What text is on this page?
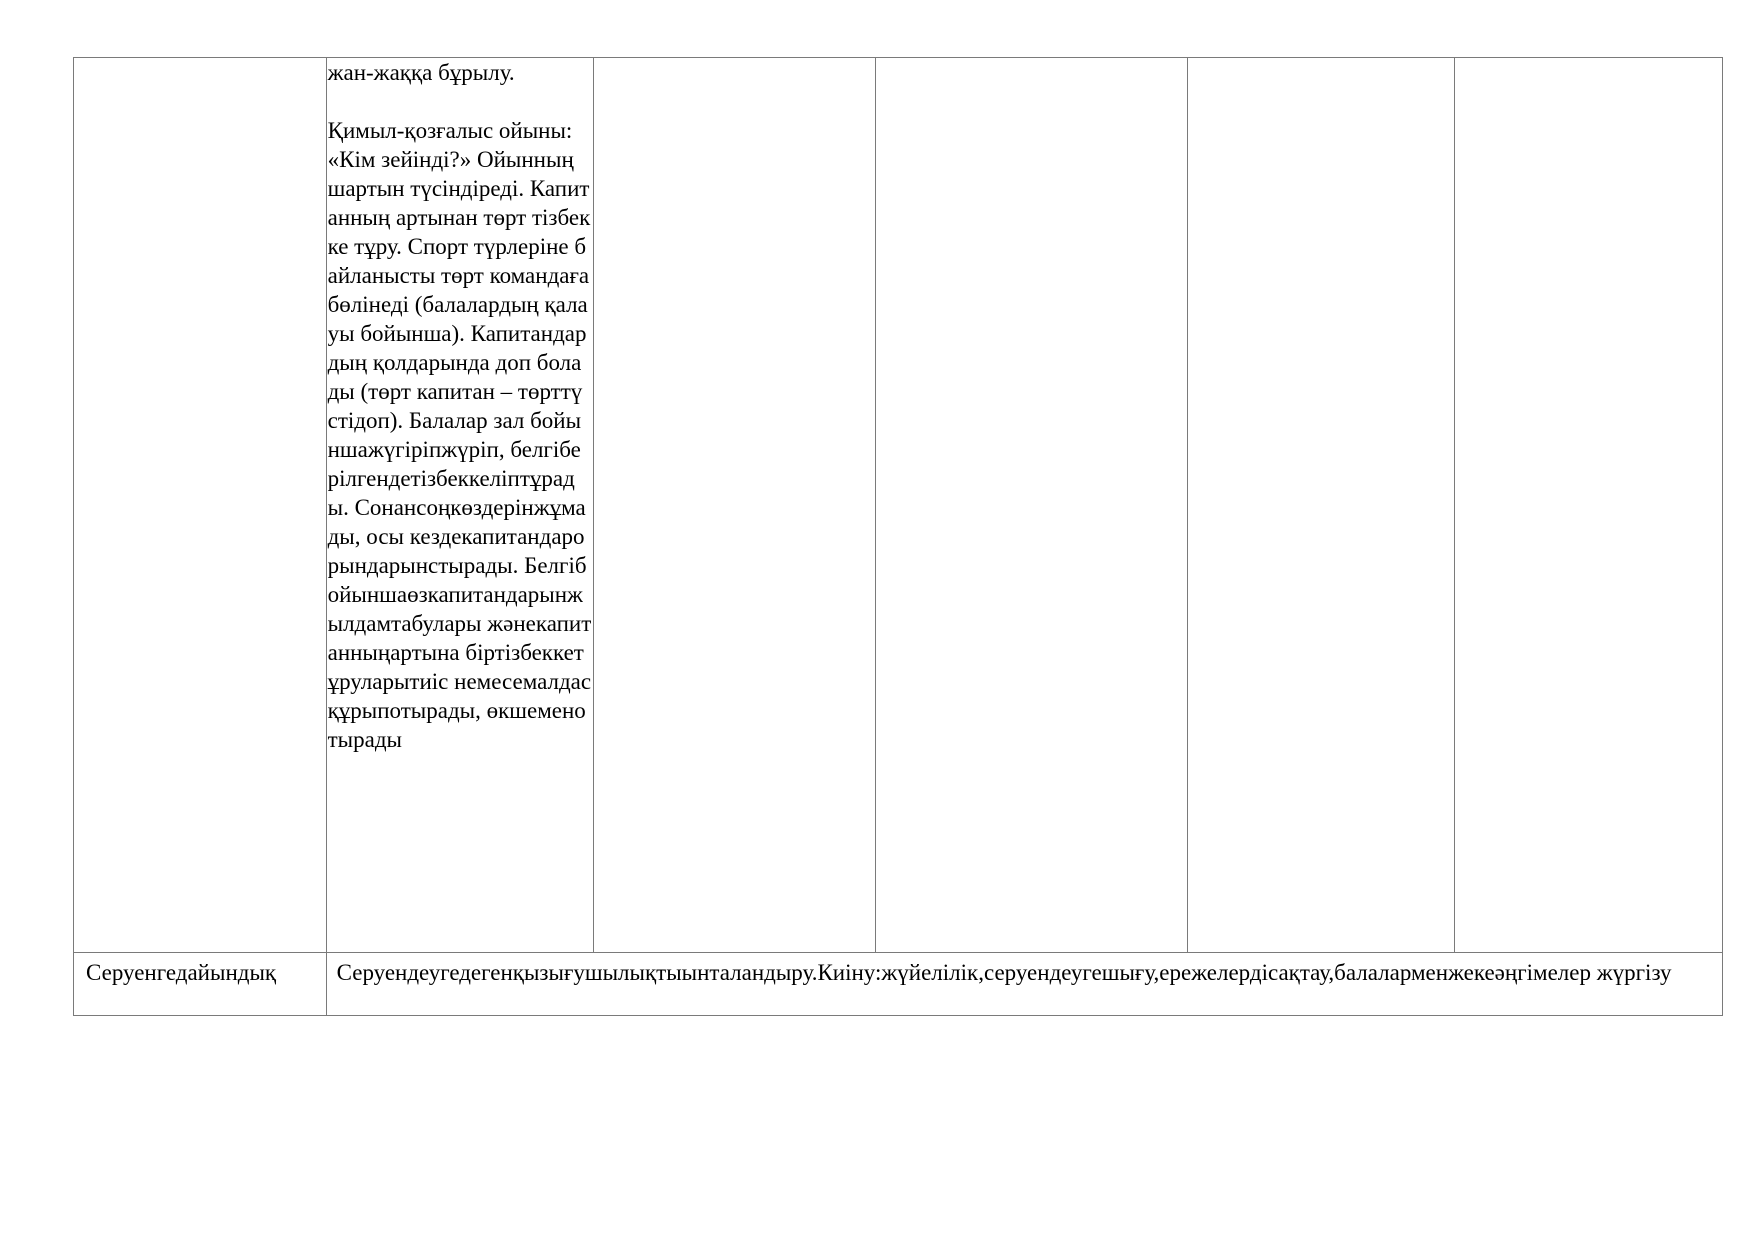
	жан-жаққа бұрылу.

Қимыл-қозғалыс ойыны: «Кім зейінді?» Ойынның шартын түсіндіреді. Капитанның артынан төрт тізбекке тұру. Спорт түрлеріне байланысты төрт командаға бөлінеді (балалардың қалауы бойынша). Капитандардың қолдарында доп болады (төрт капитан – төрттүстідоп). Балалар зал бойыншажүгіріпжүріп, белгіберілгендетізбеккеліптұрады. Сонансоңкөздерінжұмады, осы кездекапитандарорындарынстырады. Белгібойыншаөзкапитандарынжылдамтабулары жәнекапитанныңартына біртізбеккетұруларытиіс немесемалдасқұрыпотырады, өкшеменотырады				

Серуенгедайындық	Серуендеугедегенқызығушылықтыынталандыру.Киіну:жүйелілік,серуендеугешығу,ережелердісақтау,балаларменжекеәңгімелер жүргізу				
